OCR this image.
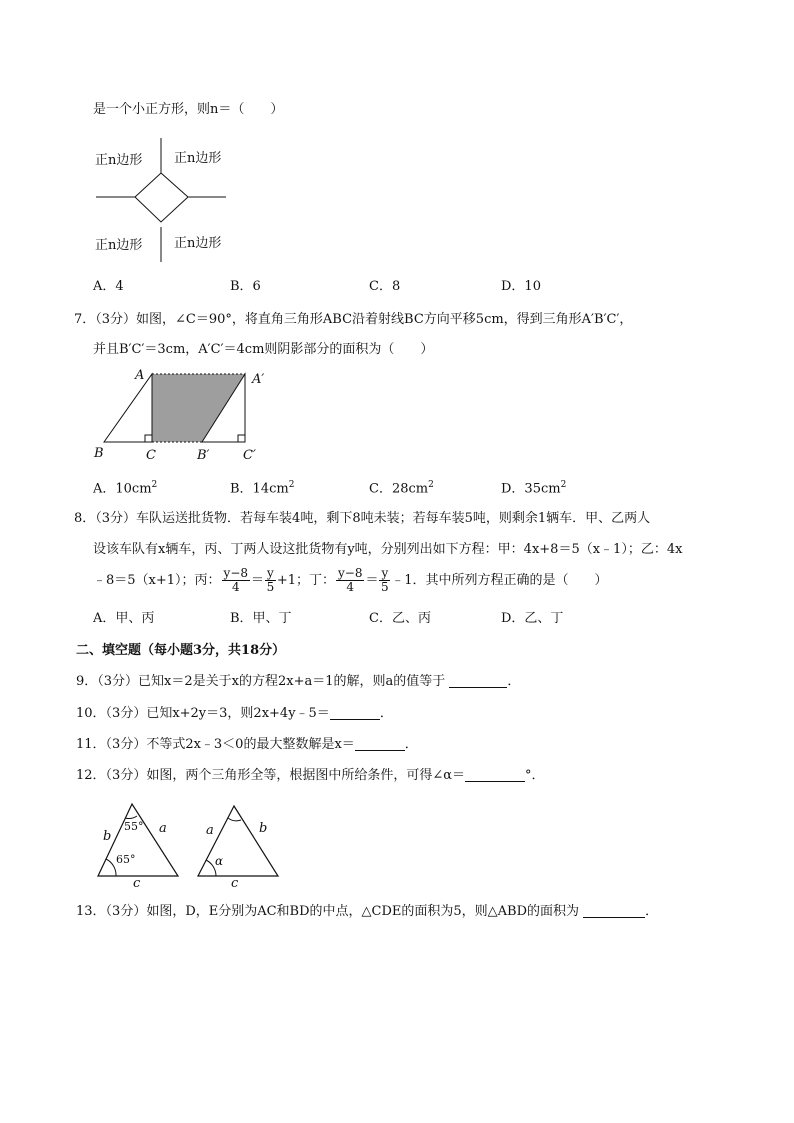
是一个小正方形，则n＝（　　）
正n边形 正n边形
正n边形 正n边形
A．4	B．6	C．8	D．10
7．（3分）如图，∠C＝90°，将直角三角形ABC沿着射线BC方向平移5cm，得到三角形A′B′C′，
并且B′C′＝3cm，A′C′＝4cm则阴影部分的面积为（　　）
A	A′
B	C	B′	C′
A．$10cm^2$	B．$14cm^2$	C．$28cm^2$	D．$35cm^2$
8．（3分）车队运送批货物．若每车装4吨，剩下8吨未装；若每车装5吨，则剩余1辆车．甲、乙两人
设该车队有x辆车，丙、丁两人设这批货物有y吨，分别列出如下方程：甲：4x+8＝5（x﹣1）；乙：4x
﹣8＝5（x+1）；丙： $\frac{y-8}{4} = \frac{y}{5} +1$；丁： $\frac{y-8}{4} = \frac{y}{5}$ ﹣1．其中所列方程正确的是（　　）
A．甲、丙	B．甲、丁	C．乙、丙	D．乙、丁
二、填空题（每小题3分，共18分）
9．（3分）已知x＝2是关于x的方程2x+a＝1的解，则a的值等于	．
10．（3分）已知x+2y＝3，则2x+4y﹣5＝	．
11．（3分）不等式2x﹣3＜0的最大整数解是x＝	．
12．（3分）如图，两个三角形全等，根据图中所给条件，可得∠α＝	°．
55°
65°
b
a
c
a	b
α
c
13．（3分）如图，D，E分别为AC和BD的中点，△CDE的面积为5，则△ABD的面积为	．
